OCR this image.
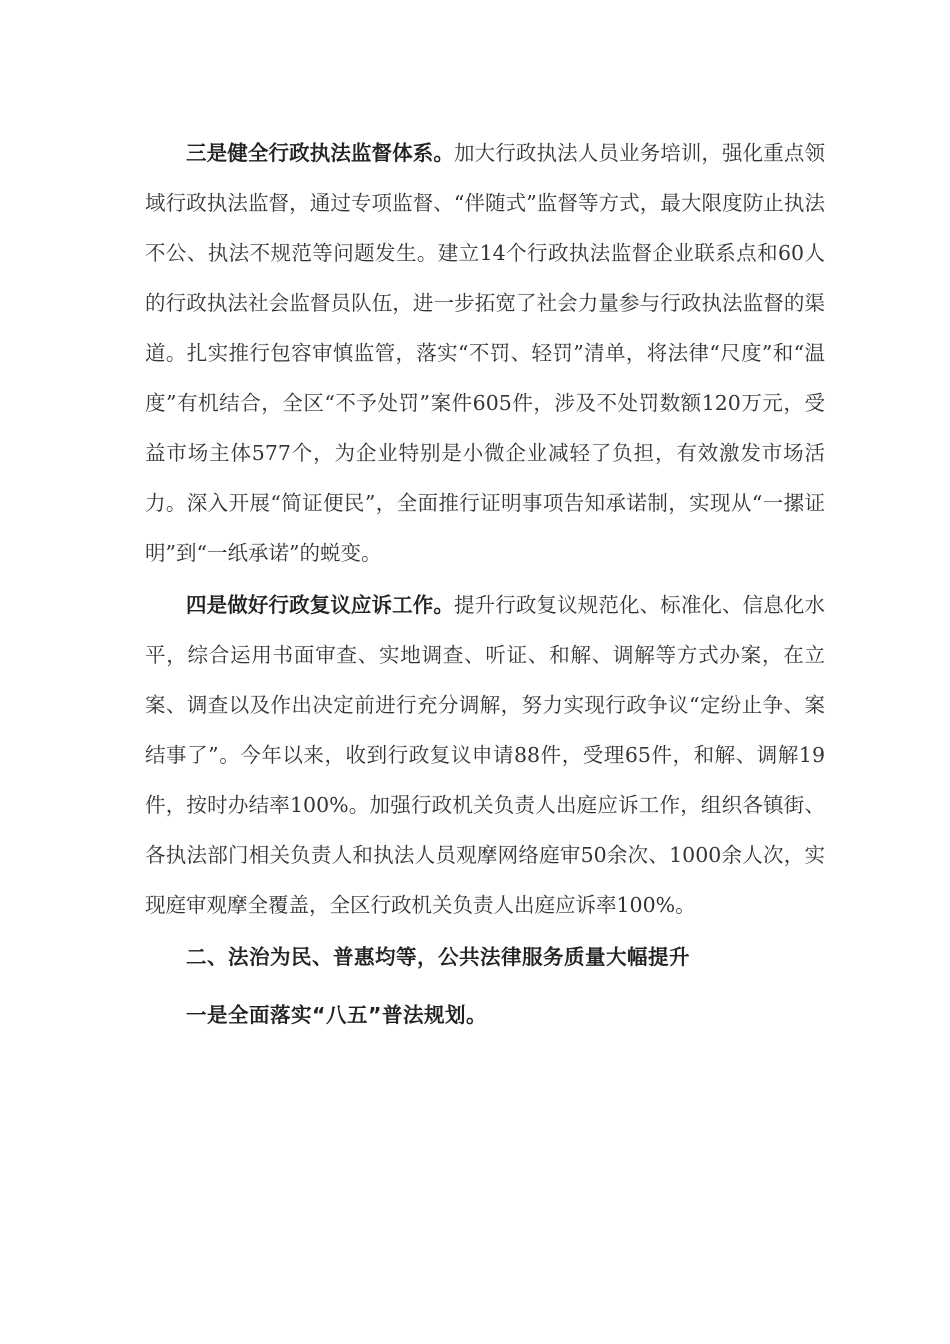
三是健全行政执法监督体系。加大行政执法人员业务培训，强化重点领域行政执法监督，通过专项监督、“伴随式”监督等方式，最大限度防止执法不公、执法不规范等问题发生。建立14个行政执法监督企业联系点和60人的行政执法社会监督员队伍，进一步拓宽了社会力量参与行政执法监督的渠道。扎实推行包容审慎监管，落实“不罚、轻罚”清单，将法律“尺度”和“温度”有机结合，全区“不予处罚”案件605件，涉及不处罚数额120万元，受益市场主体577个，为企业特别是小微企业减轻了负担，有效激发市场活力。深入开展“简证便民”，全面推行证明事项告知承诺制，实现从“一摞证明”到“一纸承诺”的蜕变。

四是做好行政复议应诉工作。提升行政复议规范化、标准化、信息化水平，综合运用书面审查、实地调查、听证、和解、调解等方式办案，在立案、调查以及作出决定前进行充分调解，努力实现行政争议“定纷止争、案结事了”。今年以来，收到行政复议申请88件，受理65件，和解、调解19件，按时办结率100%。加强行政机关负责人出庭应诉工作，组织各镇街、各执法部门相关负责人和执法人员观摩网络庭审50余次、1000余人次，实现庭审观摩全覆盖，全区行政机关负责人出庭应诉率100%。

二、法治为民、普惠均等，公共法律服务质量大幅提升

一是全面落实“八五”普法规划。
